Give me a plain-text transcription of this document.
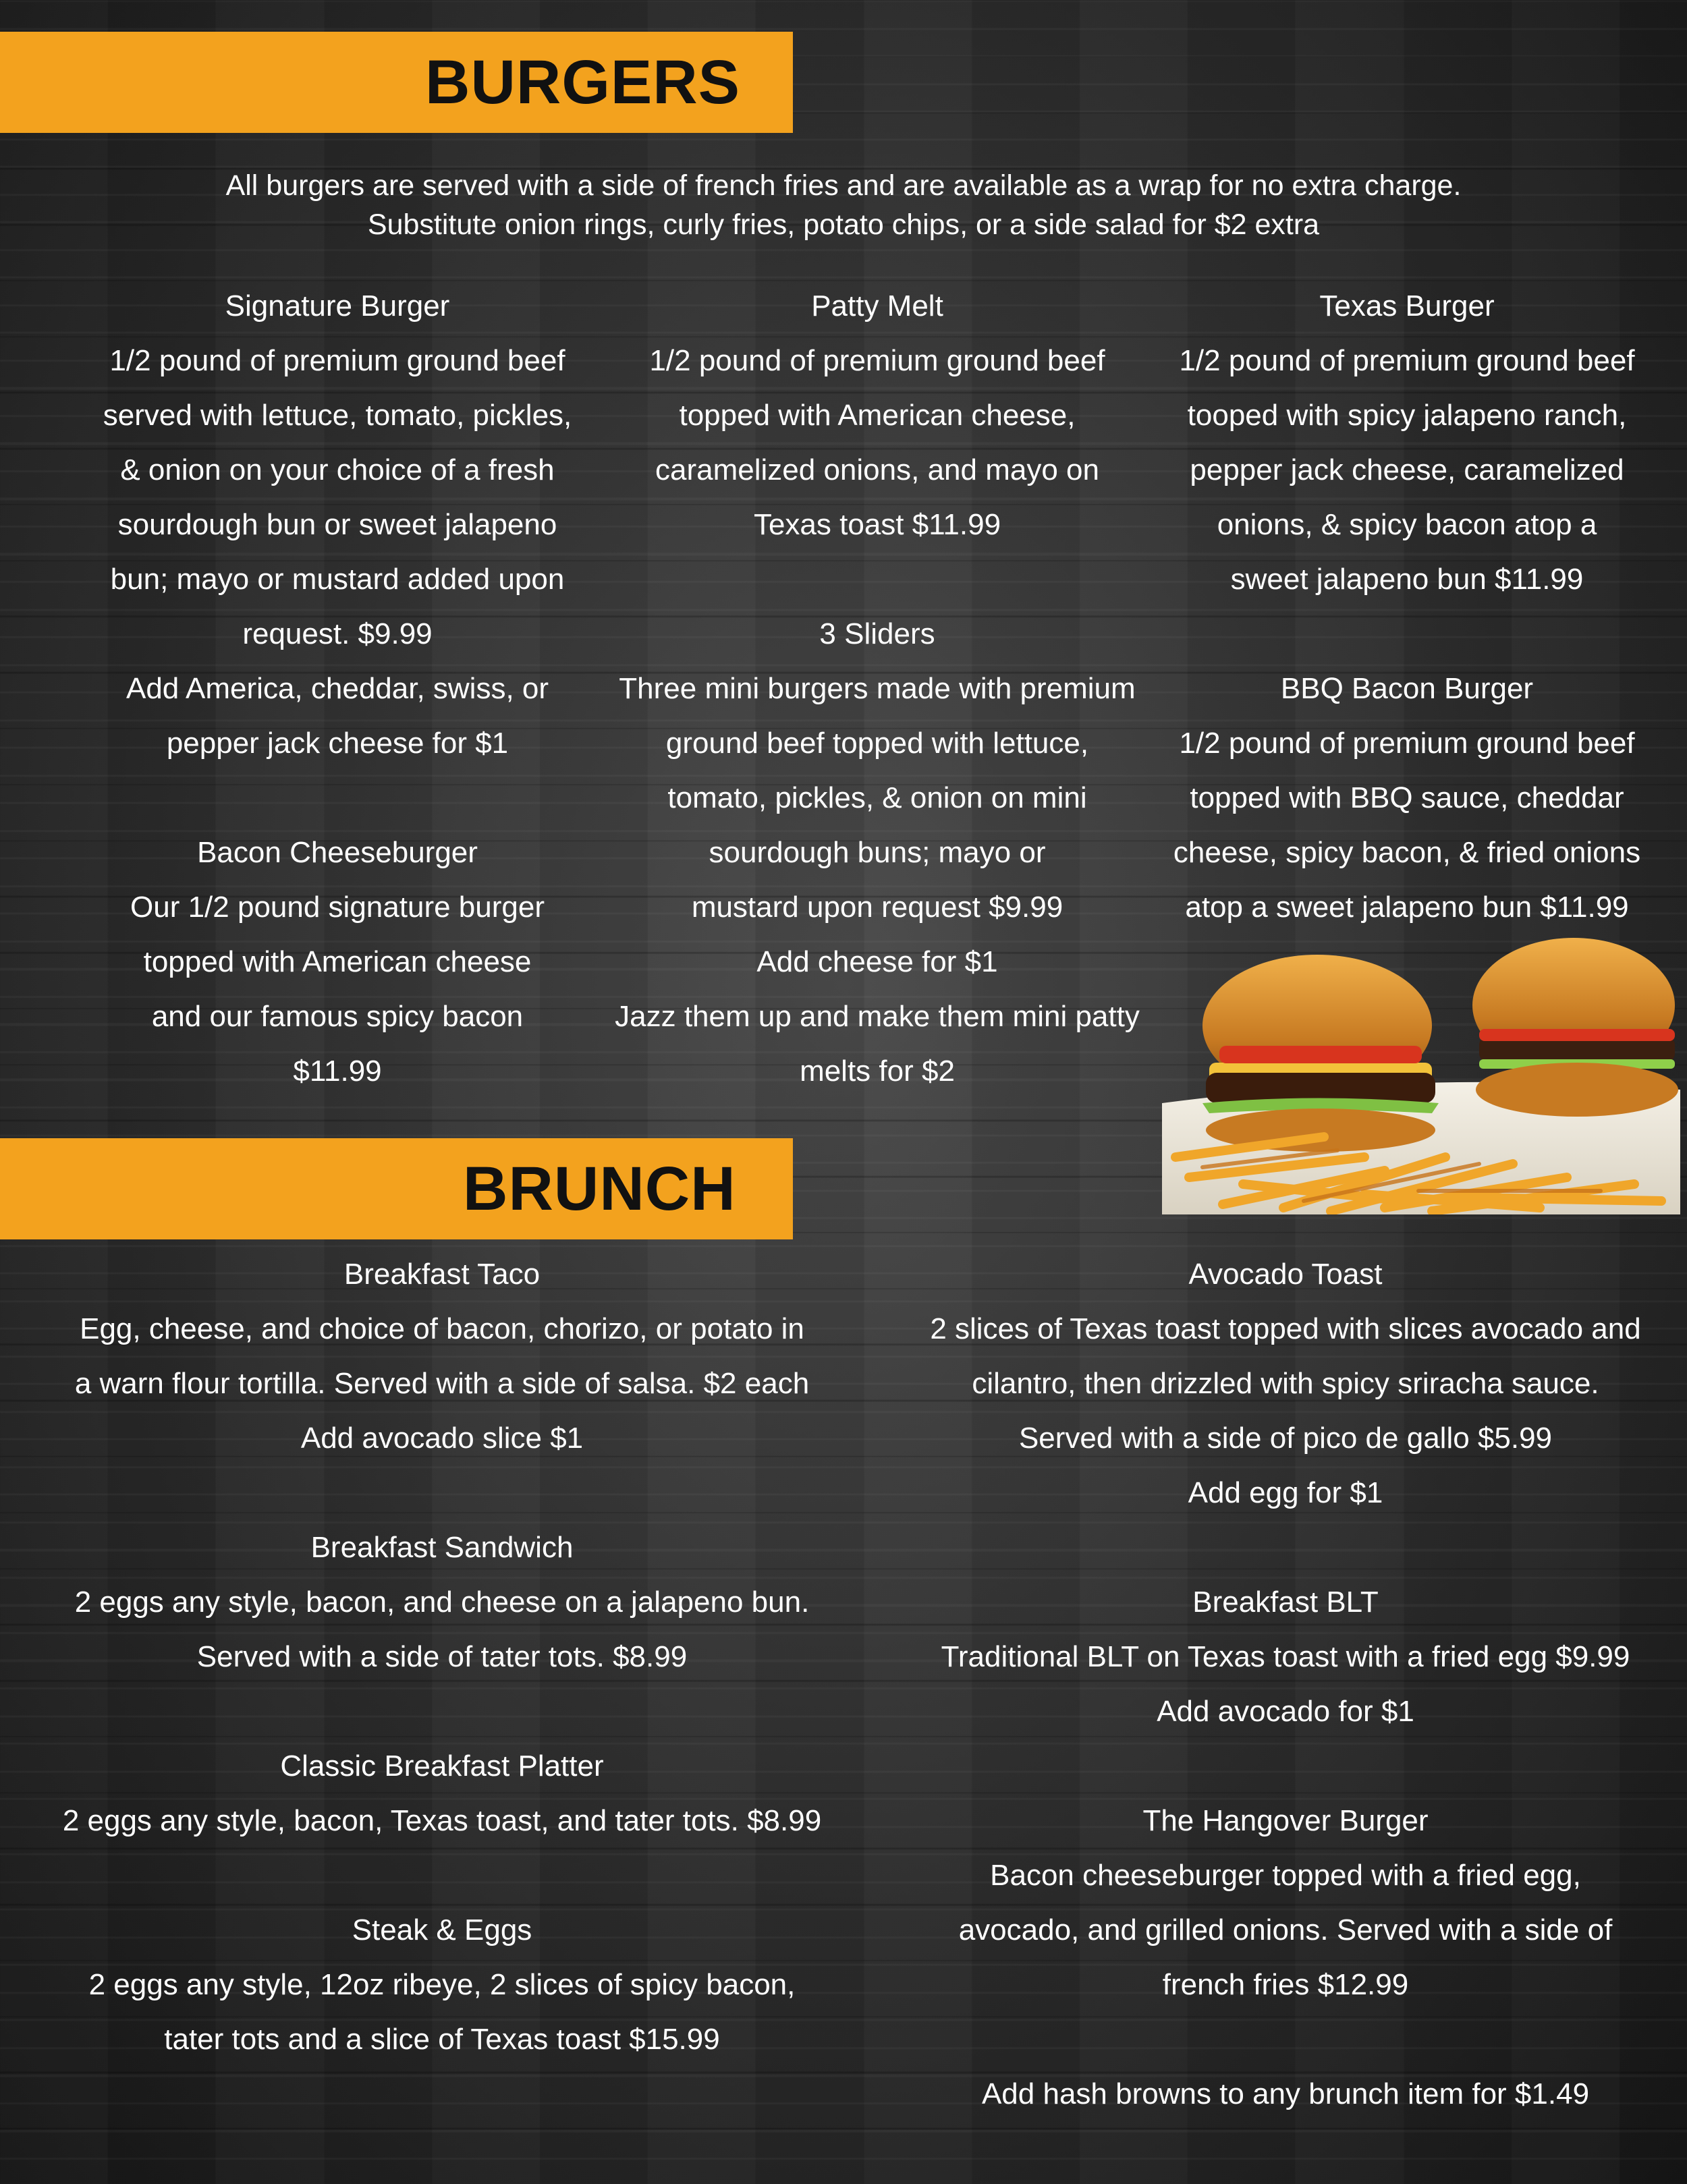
BURGERS
All burgers are served with a side of french fries and are available as a wrap for no extra charge.
Substitute onion rings, curly fries, potato chips, or a side salad for $2 extra

Signature Burger

1/2 pound of premium ground beef

served with lettuce, tomato, pickles,

& onion on your choice of a fresh

sourdough bun or sweet jalapeno

bun; mayo or mustard added upon

request. $9.99

Add America, cheddar, swiss, or

pepper jack cheese for $1

Bacon Cheeseburger

Our 1/2 pound signature burger

topped with American cheese

and our famous spicy bacon

$11.99

Patty Melt

1/2 pound of premium ground beef

topped with American cheese,

caramelized onions, and mayo on

Texas toast $11.99

3 Sliders

Three mini burgers made with premium

ground beef topped with lettuce,

tomato, pickles, & onion on mini

sourdough buns; mayo or

mustard upon request $9.99

Add cheese for $1

Jazz them up and make them mini patty

melts for $2

Texas Burger

1/2 pound of premium ground beef

tooped with spicy jalapeno ranch,

pepper jack cheese, caramelized

onions, & spicy bacon atop a

sweet jalapeno bun $11.99

BBQ Bacon Burger

1/2 pound of premium ground beef

topped with BBQ sauce, cheddar

cheese, spicy bacon, & fried onions

atop a sweet jalapeno bun $11.99

BRUNCH

Breakfast Taco

Egg, cheese, and choice of bacon, chorizo, or potato in

a warn flour tortilla. Served with a side of salsa. $2 each

Add avocado slice $1

Breakfast Sandwich

2 eggs any style, bacon, and cheese on a jalapeno bun.

Served with a side of tater tots. $8.99

Classic Breakfast Platter

2 eggs any style, bacon, Texas toast, and tater tots. $8.99

Steak & Eggs

2 eggs any style, 12oz ribeye, 2 slices of spicy bacon,

tater tots and a slice of Texas toast $15.99

Avocado Toast

2 slices of Texas toast topped with slices avocado and

cilantro, then drizzled with spicy sriracha sauce.

Served with a side of pico de gallo $5.99

Add egg for $1

Breakfast BLT

Traditional BLT on Texas toast with a fried egg $9.99

Add avocado for $1

The Hangover Burger

Bacon cheeseburger topped with a fried egg,

avocado, and grilled onions. Served with a side of

french fries $12.99

Add hash browns to any brunch item for $1.49
